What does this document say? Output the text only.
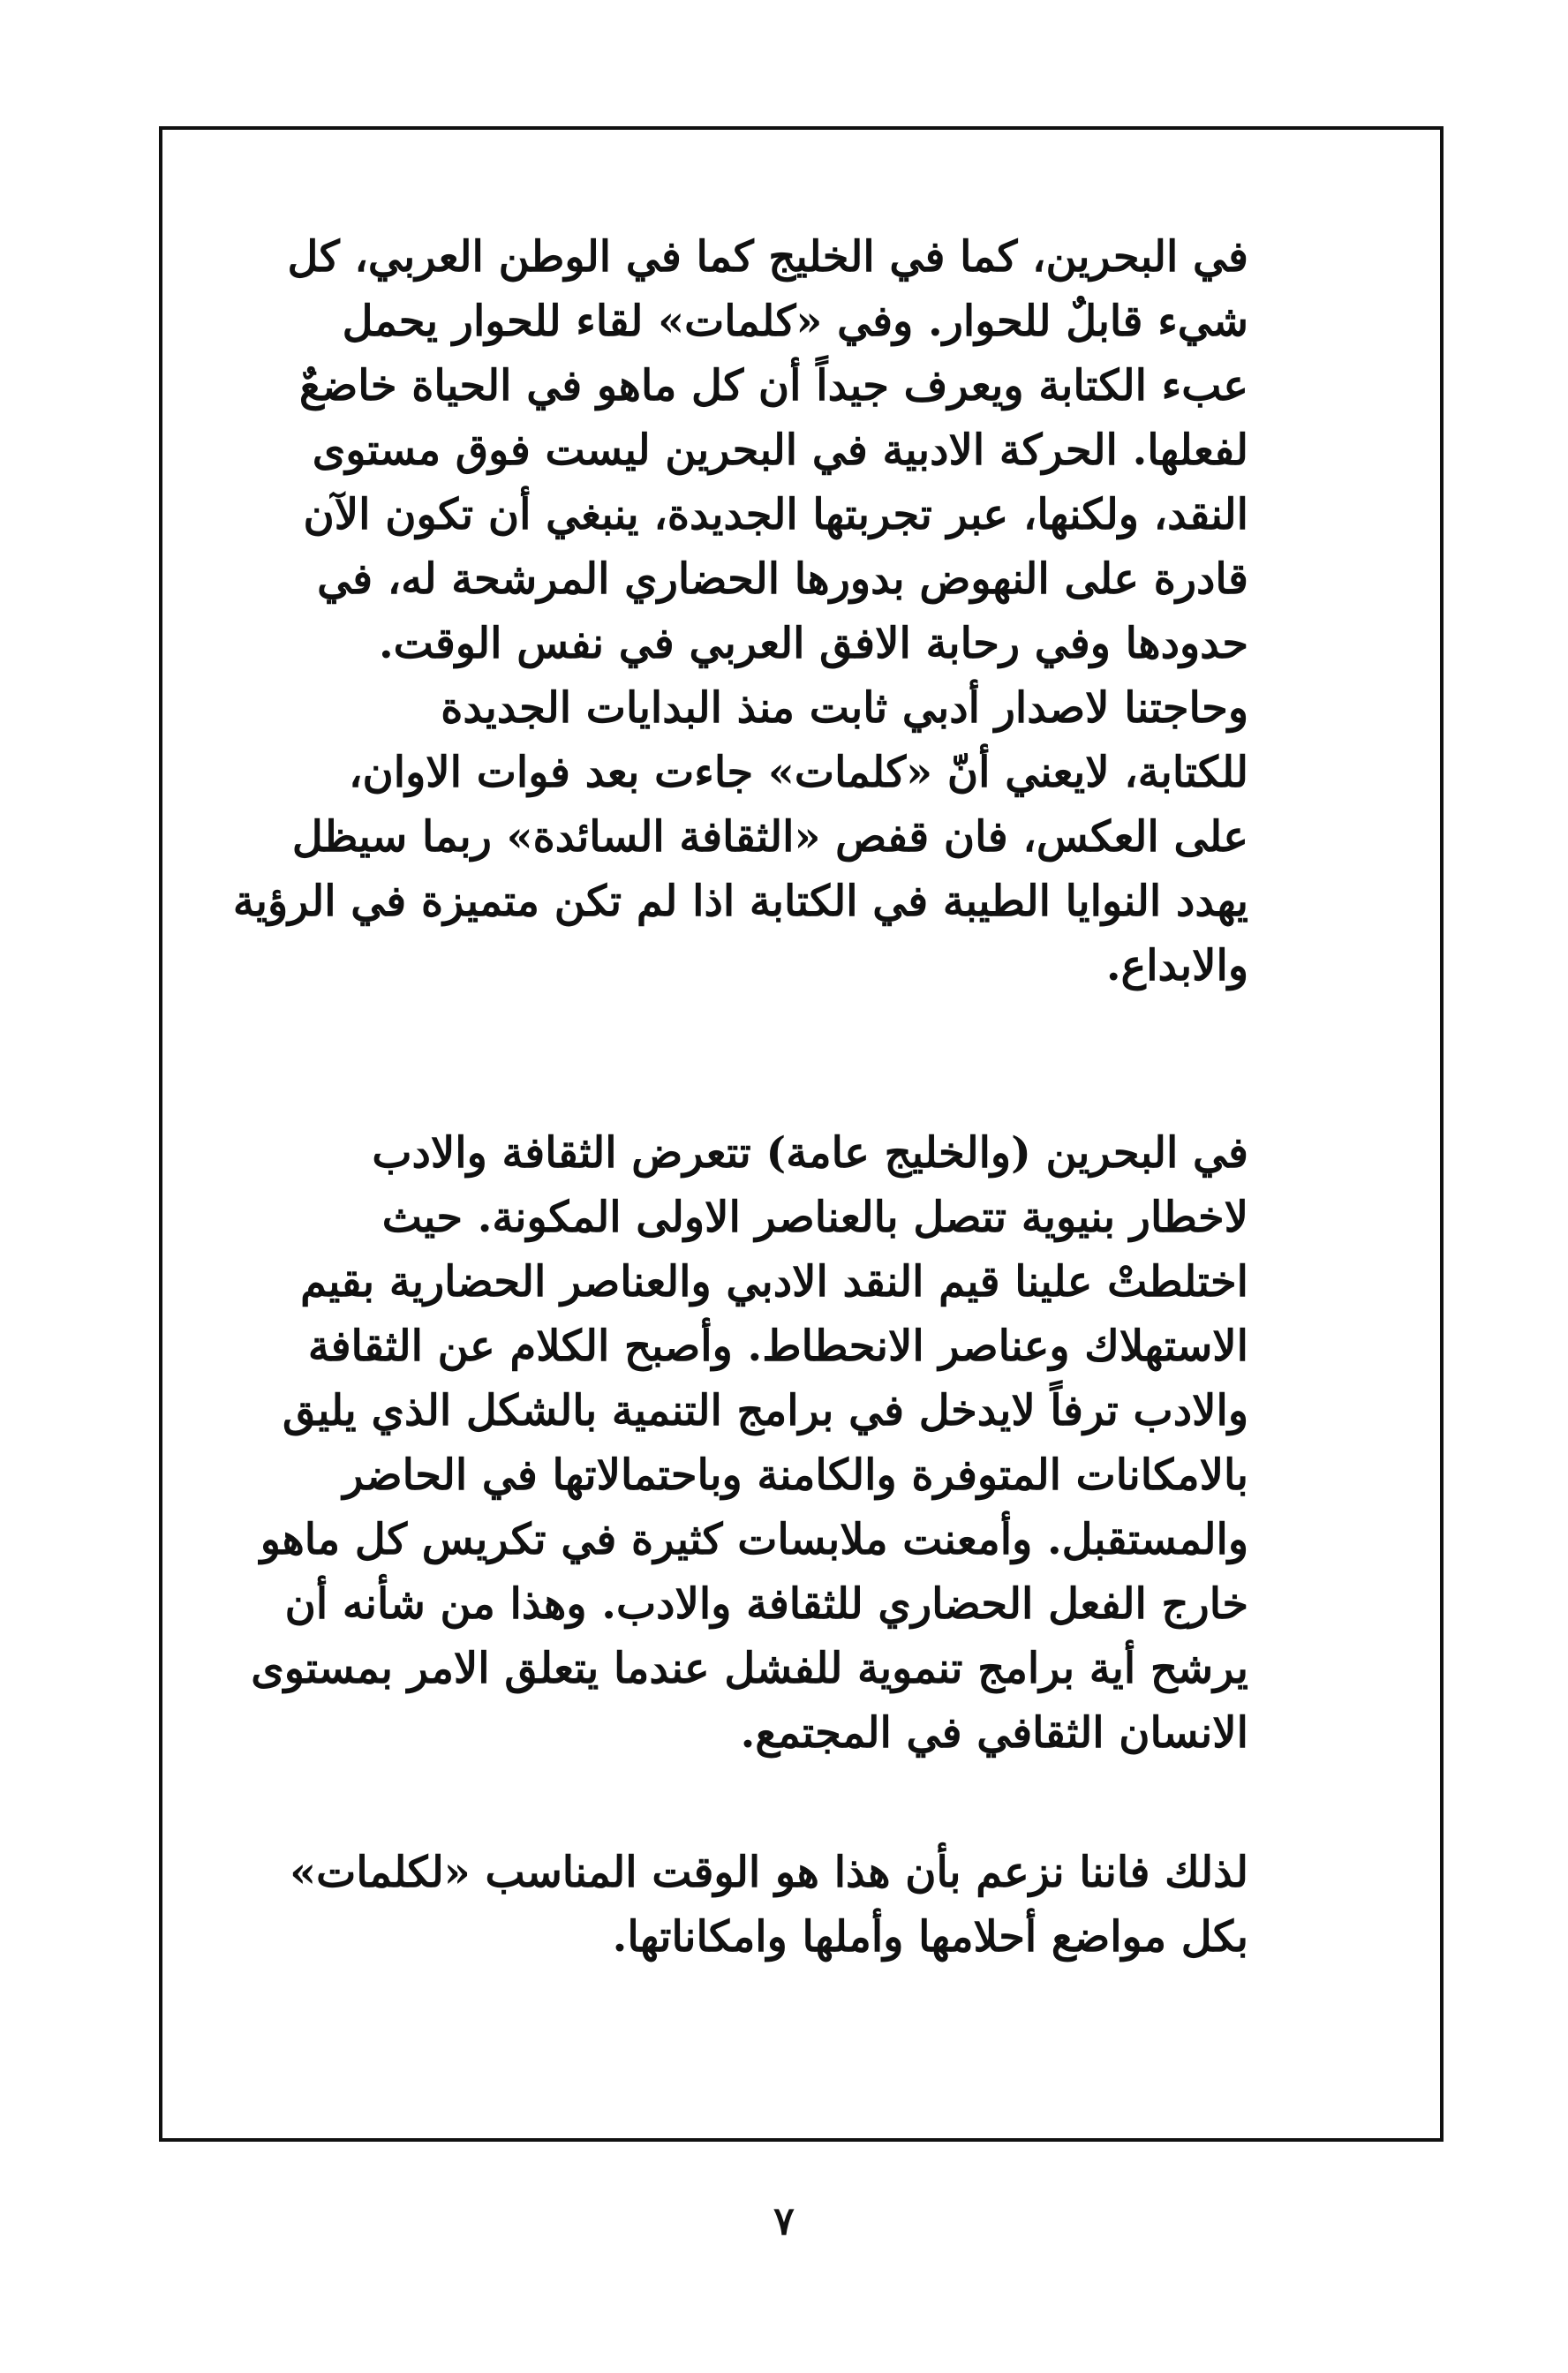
في البحرين، كما في الخليج كما في الوطن العربي، كل
شيء قابلٌ للحوار. وفي «كلمات» لقاء للحوار يحمل
عبء الكتابة ويعرف جيداً أن كل ماهو في الحياة خاضعٌ
لفعلها. الحركة الادبية في البحرين ليست فوق مستوى
النقد، ولكنها، عبر تجربتها الجديدة، ينبغي أن تكون الآن
قادرة على النهوض بدورها الحضاري المرشحة له، في
حدودها وفي رحابة الافق العربي في نفس الوقت.
وحاجتنا لاصدار أدبي ثابت منذ البدايات الجديدة
للكتابة، لايعني أنّ «كلمات» جاءت بعد فوات الاوان،
على العكس، فان قفص «الثقافة السائدة» ربما سيظل
يهدد النوايا الطيبة في الكتابة اذا لم تكن متميزة في الرؤية
والابداع.
في البحرين (والخليج عامة) تتعرض الثقافة والادب
لاخطار بنيوية تتصل بالعناصر الاولى المكونة. حيث
اختلطتْ علينا قيم النقد الادبي والعناصر الحضارية بقيم
الاستهلاك وعناصر الانحطاط. وأصبح الكلام عن الثقافة
والادب ترفاً لايدخل في برامج التنمية بالشكل الذي يليق
بالامكانات المتوفرة والكامنة وباحتمالاتها في الحاضر
والمستقبل. وأمعنت ملابسات كثيرة في تكريس كل ماهو
خارج الفعل الحضاري للثقافة والادب. وهذا من شأنه أن
يرشح أية برامج تنموية للفشل عندما يتعلق الامر بمستوى
الانسان الثقافي في المجتمع.
لذلك فاننا نزعم بأن هذا هو الوقت المناسب «لكلمات»
بكل مواضع أحلامها وأملها وامكاناتها.
٧
